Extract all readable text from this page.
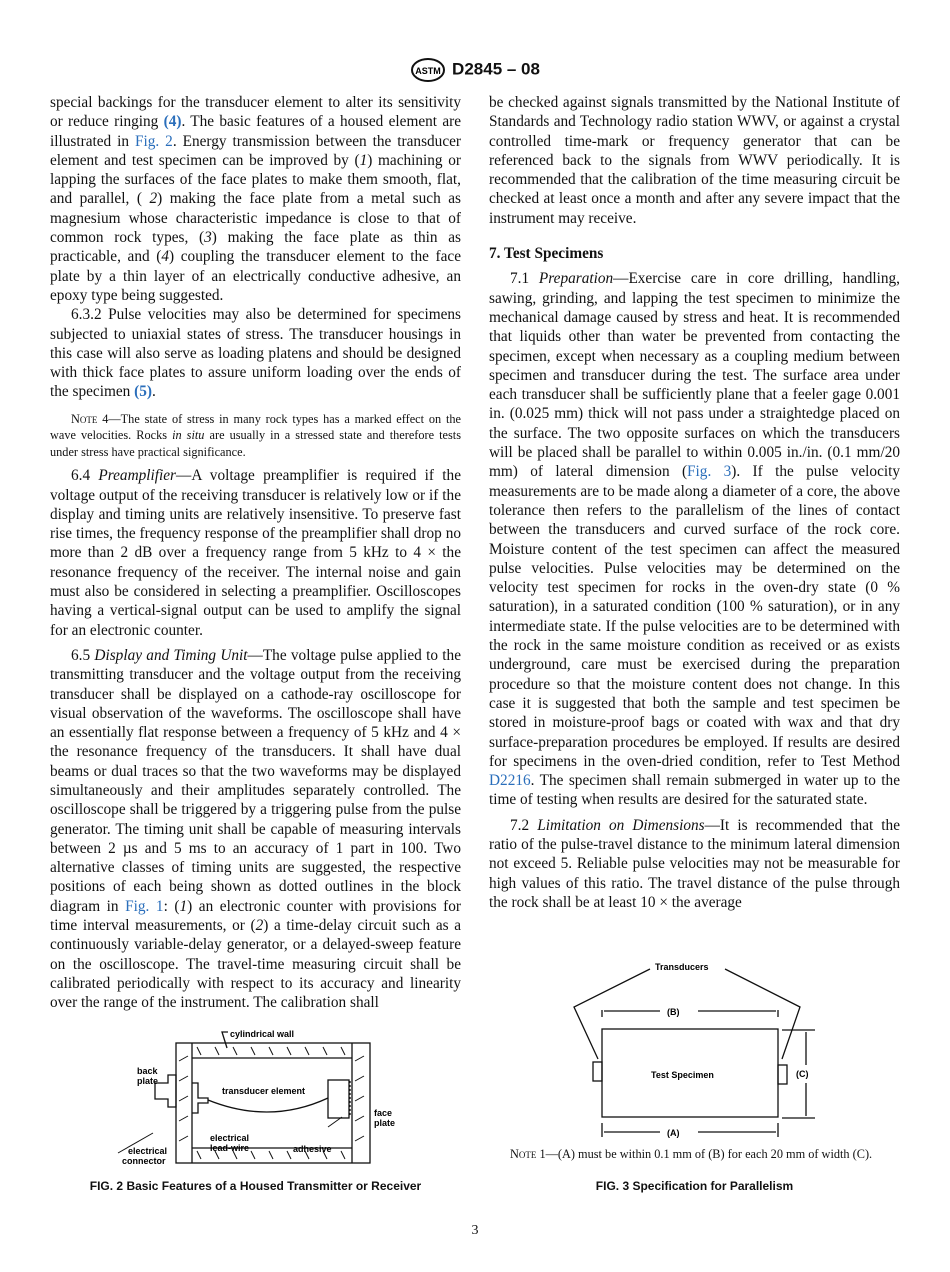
ASTM D2845 – 08

special backings for the transducer element to alter its sensitivity or reduce ringing (4). The basic features of a housed element are illustrated in Fig. 2. Energy transmission between the transducer element and test specimen can be improved by (1) machining or lapping the surfaces of the face plates to make them smooth, flat, and parallel, ( 2) making the face plate from a metal such as magnesium whose characteristic impedance is close to that of common rock types, (3) making the face plate as thin as practicable, and (4) coupling the transducer element to the face plate by a thin layer of an electrically conductive adhesive, an epoxy type being suggested.

6.3.2 Pulse velocities may also be determined for specimens subjected to uniaxial states of stress. The transducer housings in this case will also serve as loading platens and should be designed with thick face plates to assure uniform loading over the ends of the specimen (5).

Note 4—The state of stress in many rock types has a marked effect on the wave velocities. Rocks in situ are usually in a stressed state and therefore tests under stress have practical significance.

6.4 Preamplifier—A voltage preamplifier is required if the voltage output of the receiving transducer is relatively low or if the display and timing units are relatively insensitive. To preserve fast rise times, the frequency response of the preamplifier shall drop no more than 2 dB over a frequency range from 5 kHz to 4 × the resonance frequency of the receiver. The internal noise and gain must also be considered in selecting a preamplifier. Oscilloscopes having a vertical-signal output can be used to amplify the signal for an electronic counter.

6.5 Display and Timing Unit—The voltage pulse applied to the transmitting transducer and the voltage output from the receiving transducer shall be displayed on a cathode-ray oscilloscope for visual observation of the waveforms. The oscilloscope shall have an essentially flat response between a frequency of 5 kHz and 4 × the resonance frequency of the transducers. It shall have dual beams or dual traces so that the two waveforms may be displayed simultaneously and their amplitudes separately controlled. The oscilloscope shall be triggered by a triggering pulse from the pulse generator. The timing unit shall be capable of measuring intervals between 2 µs and 5 ms to an accuracy of 1 part in 100. Two alternative classes of timing units are suggested, the respective positions of each being shown as dotted outlines in the block diagram in Fig. 1: (1) an electronic counter with provisions for time interval measurements, or (2) a time-delay circuit such as a continuously variable-delay generator, or a delayed-sweep feature on the oscilloscope. The travel-time measuring circuit shall be calibrated periodically with respect to its accuracy and linearity over the range of the instrument. The calibration shall

be checked against signals transmitted by the National Institute of Standards and Technology radio station WWV, or against a crystal controlled time-mark or frequency generator that can be referenced back to the signals from WWV periodically. It is recommended that the calibration of the time measuring circuit be checked at least once a month and after any severe impact that the instrument may receive.

7. Test Specimens

7.1 Preparation—Exercise care in core drilling, handling, sawing, grinding, and lapping the test specimen to minimize the mechanical damage caused by stress and heat. It is recommended that liquids other than water be prevented from contacting the specimen, except when necessary as a coupling medium between specimen and transducer during the test. The surface area under each transducer shall be sufficiently plane that a feeler gage 0.001 in. (0.025 mm) thick will not pass under a straightedge placed on the surface. The two opposite surfaces on which the transducers will be placed shall be parallel to within 0.005 in./in. (0.1 mm/20 mm) of lateral dimension (Fig. 3). If the pulse velocity measurements are to be made along a diameter of a core, the above tolerance then refers to the parallelism of the lines of contact between the transducers and curved surface of the rock core. Moisture content of the test specimen can affect the measured pulse velocities. Pulse velocities may be determined on the velocity test specimen for rocks in the oven-dry state (0 % saturation), in a saturated condition (100 % saturation), or in any intermediate state. If the pulse velocities are to be determined with the rock in the same moisture condition as received or as exists underground, care must be exercised during the preparation procedure so that the moisture content does not change. In this case it is suggested that both the sample and test specimen be stored in moisture-proof bags or coated with wax and that dry surface-preparation procedures be employed. If results are desired for specimens in the oven-dried condition, refer to Test Method D2216. The specimen shall remain submerged in water up to the time of testing when results are desired for the saturated state.

7.2 Limitation on Dimensions—It is recommended that the ratio of the pulse-travel distance to the minimum lateral dimension not exceed 5. Reliable pulse velocities may not be measurable for high values of this ratio. The travel distance of the pulse through the rock shall be at least 10 × the average

cylindrical wall
back
plate
transducer element
face
plate
electrical
lead-wire	adhesive
electrical
connector
FIG. 2 Basic Features of a Housed Transmitter or Receiver
Transducers
(B)
(A)
(C)
Test Specimen
Note 1—(A) must be within 0.1 mm of (B) for each 20 mm of width (C).
FIG. 3 Specification for Parallelism
3
